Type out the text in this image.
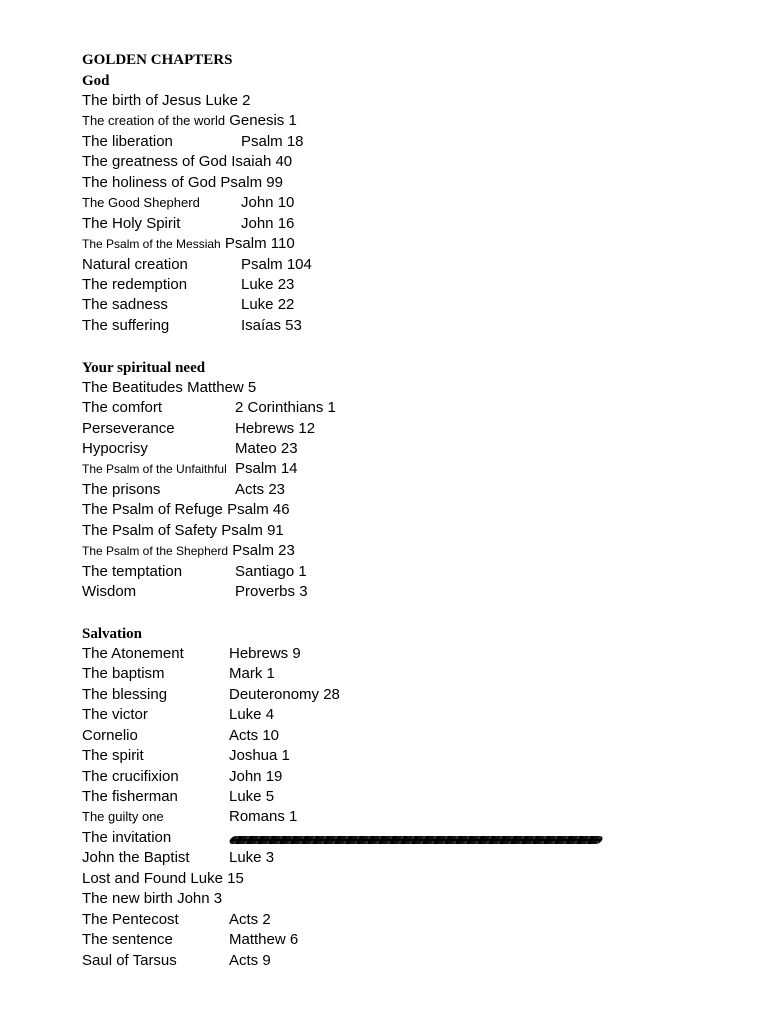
GOLDEN CHAPTERS
God
The birth of Jesus Luke 2
The creation of the world Genesis 1
The liberation	Psalm 18
The greatness of God Isaiah 40
The holiness of God Psalm 99
The Good Shepherd	John 10
The Holy Spirit	John 16
The Psalm of the Messiah Psalm 110
Natural creation	Psalm 104
The redemption	Luke 23
The sadness	Luke 22
The suffering	Isaías 53
Your spiritual need
The Beatitudes Matthew 5
The comfort	2 Corinthians 1
Perseverance	Hebrews 12
Hypocrisy	Mateo 23
The Psalm of the Unfaithful Psalm 14
The prisons	Acts 23
The Psalm of Refuge Psalm 46
The Psalm of Safety Psalm 91
The Psalm of the Shepherd Psalm 23
The temptation	Santiago 1
Wisdom	Proverbs 3
Salvation
The Atonement	Hebrews 9
The baptism	Mark 1
The blessing	Deuteronomy 28
The victor	Luke 4
Cornelio	Acts 10
The spirit	Joshua 1
The crucifixion	John 19
The fisherman	Luke 5
The guilty one	Romans 1
The invitation
John the Baptist	Luke 3
Lost and Found Luke 15
The new birth John 3
The Pentecost	Acts 2
The sentence	Matthew 6
Saul of Tarsus	Acts 9
